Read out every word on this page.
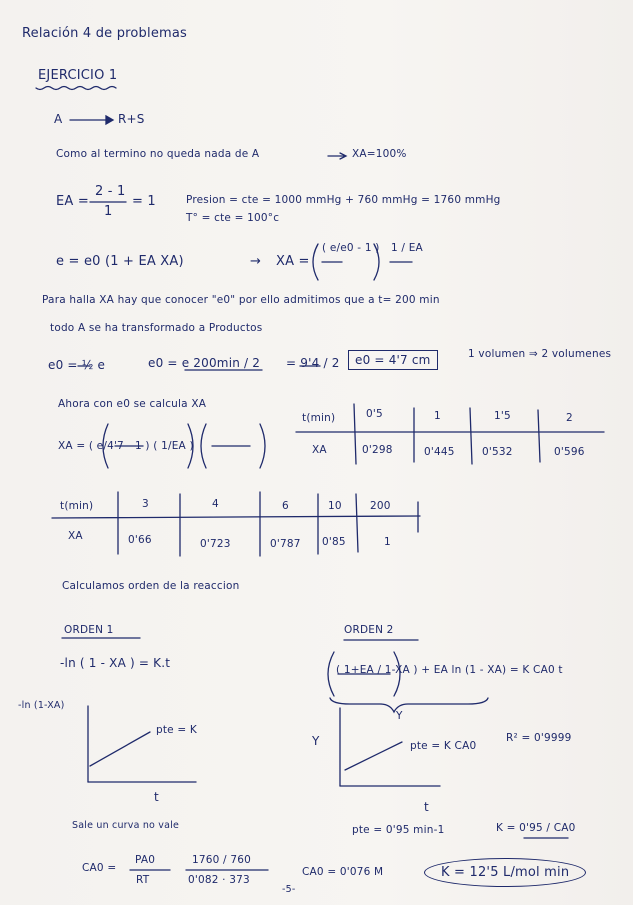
Relación 4 de problemas
EJERCICIO 1
A	R+S
Como al termino no queda nada de A	XA=100%
EA =
2 - 1
1
= 1	Presion = cte = 1000 mmHg + 760 mmHg = 1760 mmHg
T° = cte = 100°c
e = e0 (1 + EA XA)	→ XA =
( e/e0 - 1 ) 1 / EA
Para halla XA hay que conocer "e0" por ello admitimos que a t= 200 min
todo A se ha transformado a Productos
e0 = ½ e	e0 = e 200min / 2 = 9'4 / 2	e0 = 4'7 cm	1 volumen ⇒ 2 volumenes
Ahora con e0 se calcula XA
XA = ( e/4'7 - 1 ) ( 1/EA )
t(min)	0'5	1	1'5	2
XA	0'298	0'445	0'532	0'596
t(min)	3	4	6	10	200
XA	0'66	0'723	0'787 0'85	1
Calculamos orden de la reaccion
ORDEN 1
-ln ( 1 - XA ) = K.t
-ln (1-XA)
pte = K
t
Sale un curva no vale
ORDEN 2
( 1+EA / 1-XA ) + EA ln (1 - XA) = K CA0 t
Y
Y	pte = K CA0
R² = 0'9999
t
pte = 0'95 min-1	K = 0'95 / CA0
CA0 =
PA0
RT
1760 / 760
0'082 · 373
CA0 = 0'076 M	K = 12'5 L/mol min
-5-
